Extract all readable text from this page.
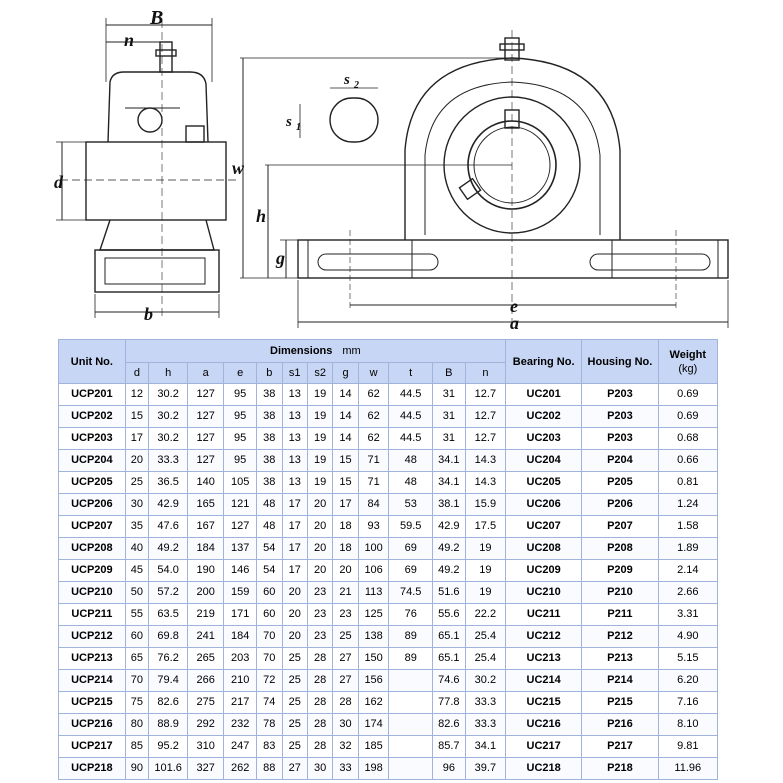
B
n
d
b
w
h
g
e
a
s 2
s 1
Unit No.	Dimensions mm												Bearing No.	Housing No.	Weight
(kg)

	d	h	a	e	b	s1	s2	g	w	t	B	n			
UCP201	12	30.2	127	95	38	13	19	14	62	44.5	31	12.7	UC201	P203	0.69
UCP202	15	30.2	127	95	38	13	19	14	62	44.5	31	12.7	UC202	P203	0.69
UCP203	17	30.2	127	95	38	13	19	14	62	44.5	31	12.7	UC203	P203	0.68
UCP204	20	33.3	127	95	38	13	19	15	71	48	34.1	14.3	UC204	P204	0.66
UCP205	25	36.5	140	105	38	13	19	15	71	48	34.1	14.3	UC205	P205	0.81
UCP206	30	42.9	165	121	48	17	20	17	84	53	38.1	15.9	UC206	P206	1.24
UCP207	35	47.6	167	127	48	17	20	18	93	59.5	42.9	17.5	UC207	P207	1.58
UCP208	40	49.2	184	137	54	17	20	18	100	69	49.2	19	UC208	P208	1.89
UCP209	45	54.0	190	146	54	17	20	20	106	69	49.2	19	UC209	P209	2.14
UCP210	50	57.2	200	159	60	20	23	21	113	74.5	51.6	19	UC210	P210	2.66
UCP211	55	63.5	219	171	60	20	23	23	125	76	55.6	22.2	UC211	P211	3.31
UCP212	60	69.8	241	184	70	20	23	25	138	89	65.1	25.4	UC212	P212	4.90
UCP213	65	76.2	265	203	70	25	28	27	150	89	65.1	25.4	UC213	P213	5.15
UCP214	70	79.4	266	210	72	25	28	27	156		74.6	30.2	UC214	P214	6.20
UCP215	75	82.6	275	217	74	25	28	28	162		77.8	33.3	UC215	P215	7.16
UCP216	80	88.9	292	232	78	25	28	30	174		82.6	33.3	UC216	P216	8.10
UCP217	85	95.2	310	247	83	25	28	32	185		85.7	34.1	UC217	P217	9.81
UCP218	90	101.6	327	262	88	27	30	33	198		96	39.7	UC218	P218	11.96
